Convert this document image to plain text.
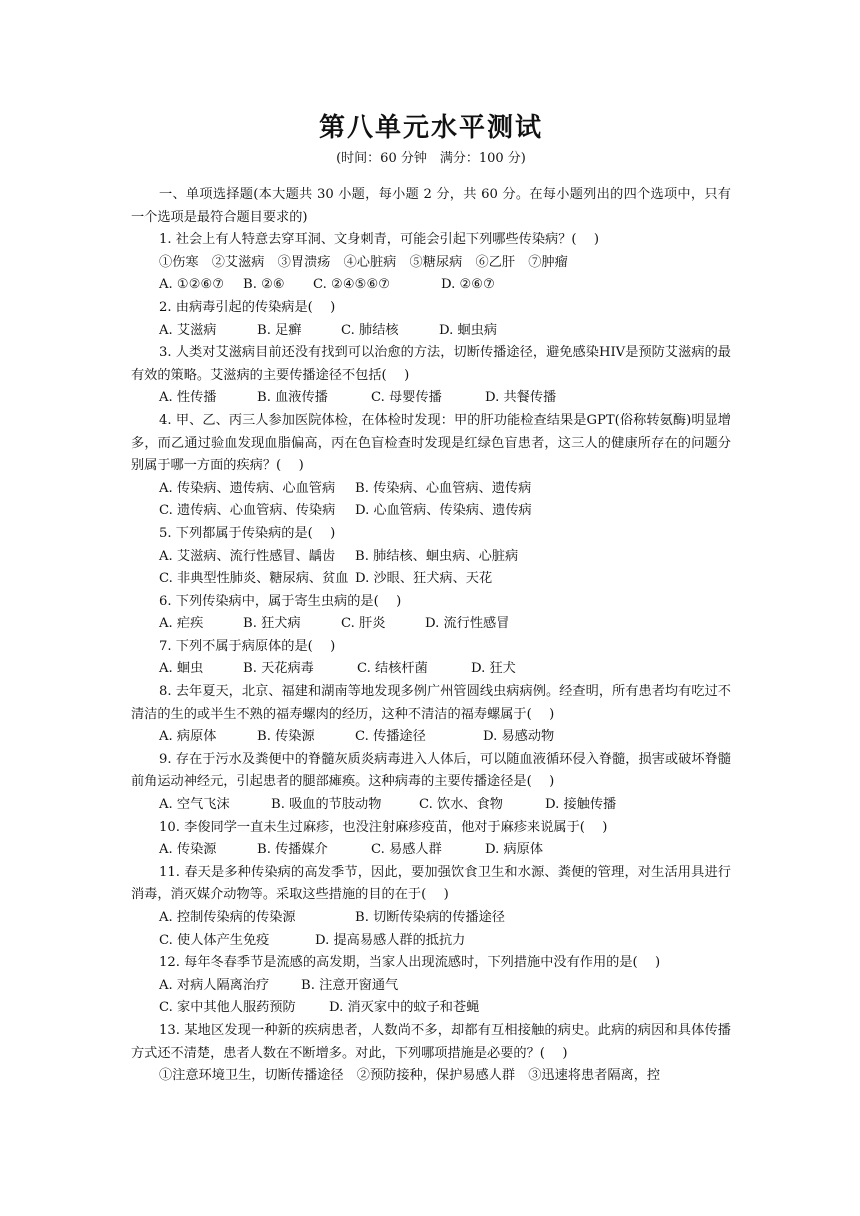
第八单元水平测试
(时间：60 分钟　满分：100 分)
一、单项选择题(本大题共 30 小题，每小题 2 分，共 60 分。在每小题列出的四个选项中，只有一个选项是最符合题目要求的)
1. 社会上有人特意去穿耳洞、文身刺青，可能会引起下列哪些传染病？(　 )
①伤寒　②艾滋病　③胃溃疡　④心脏病　⑤糖尿病　⑥乙肝　⑦肿瘤
A. ①②⑥⑦ B. ②⑥ C. ②④⑤⑥⑦	D. ②⑥⑦
2. 由病毒引起的传染病是(　 )
A. 艾滋病	B. 足癣	C. 肺结核	D. 蛔虫病
3. 人类对艾滋病目前还没有找到可以治愈的方法，切断传播途径，避免感染HIV是预防艾滋病的最有效的策略。艾滋病的主要传播途径不包括(　 )
A. 性传播	B. 血液传播	C. 母婴传播	D. 共餐传播
4. 甲、乙、丙三人参加医院体检，在体检时发现：甲的肝功能检查结果是GPT(俗称转氨酶)明显增多，而乙通过验血发现血脂偏高，丙在色盲检查时发现是红绿色盲患者，这三人的健康所存在的问题分别属于哪一方面的疾病？(　 )
A. 传染病、遗传病、心血管病 B. 传染病、心血管病、遗传病
C. 遗传病、心血管病、传染病 D. 心血管病、传染病、遗传病
5. 下列都属于传染病的是(　 )
A. 艾滋病、流行性感冒、龋齿 B. 肺结核、蛔虫病、心脏病
C. 非典型性肺炎、糖尿病、贫血 D. 沙眼、狂犬病、天花
6. 下列传染病中，属于寄生虫病的是(　 )
A. 疟疾	B. 狂犬病	C. 肝炎	D. 流行性感冒
7. 下列不属于病原体的是(　 )
A. 蛔虫	B. 天花病毒	C. 结核杆菌	D. 狂犬
8. 去年夏天，北京、福建和湖南等地发现多例广州管圆线虫病病例。经查明，所有患者均有吃过不清洁的生的或半生不熟的福寿螺肉的经历，这种不清洁的福寿螺属于(　 )
A. 病原体	B. 传染源	C. 传播途径	D. 易感动物
9. 存在于污水及粪便中的脊髓灰质炎病毒进入人体后，可以随血液循环侵入脊髓，损害或破坏脊髓前角运动神经元，引起患者的腿部瘫痪。这种病毒的主要传播途径是(　 )
A. 空气飞沫	B. 吸血的节肢动物	C. 饮水、食物	D. 接触传播
10. 李俊同学一直未生过麻疹，也没注射麻疹疫苗，他对于麻疹来说属于(　 )
A. 传染源	B. 传播媒介	C. 易感人群	D. 病原体
11. 春天是多种传染病的高发季节，因此，要加强饮食卫生和水源、粪便的管理，对生活用具进行消毒，消灭媒介动物等。采取这些措施的目的在于(　 )
A. 控制传染病的传染源	B. 切断传染病的传播途径
C. 使人体产生免疫	D. 提高易感人群的抵抗力
12. 每年冬春季节是流感的高发期，当家人出现流感时，下列措施中没有作用的是(　 )
A. 对病人隔离治疗 B. 注意开窗通气
C. 家中其他人服药预防	D. 消灭家中的蚊子和苍蝇
13. 某地区发现一种新的疾病患者，人数尚不多，却都有互相接触的病史。此病的病因和具体传播方式还不清楚，患者人数在不断增多。对此，下列哪项措施是必要的？(　 )
①注意环境卫生，切断传播途径　②预防接种，保护易感人群　③迅速将患者隔离，控
